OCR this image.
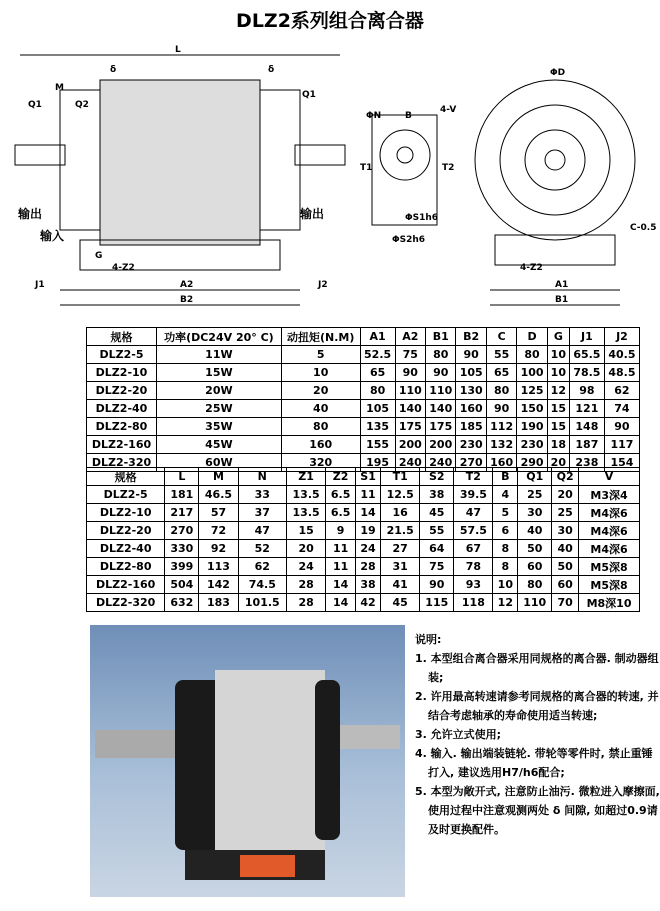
DLZ2系列组合离合器
L
δ	δ
M
Q1	Q2
Q1
输出	输出
输入
G
4-Z2
J1	A2
B2
J2
ΦN	B
4-V
T1	T2
ΦS1h6
ΦS2h6
ΦD
C-0.5
4-Z2
A1
B1
规格	功率(DC24V 20° C)	动扭矩(N.M)	A1	A2	B1	B2	C	D	G	J1	J2
DLZ2-5	11W	5	52.5	75	80	90	55	80	10	65.5	40.5
DLZ2-10	15W	10	65	90	90	105	65	100	10	78.5	48.5
DLZ2-20	20W	20	80	110	110	130	80	125	12	98	62
DLZ2-40	25W	40	105	140	140	160	90	150	15	121	74
DLZ2-80	35W	80	135	175	175	185	112	190	15	148	90
DLZ2-160	45W	160	155	200	200	230	132	230	18	187	117
DLZ2-320	60W	320	195	240	240	270	160	290	20	238	154
规格	L	M	N	Z1	Z2	S1	T1	S2	T2	B	Q1	Q2	V
DLZ2-5	181	46.5	33	13.5	6.5	11	12.5	38	39.5	4	25	20	M3深4
DLZ2-10	217	57	37	13.5	6.5	14	16	45	47	5	30	25	M4深6
DLZ2-20	270	72	47	15	9	19	21.5	55	57.5	6	40	30	M4深6
DLZ2-40	330	92	52	20	11	24	27	64	67	8	50	40	M4深6
DLZ2-80	399	113	62	24	11	28	31	75	78	8	60	50	M5深8
DLZ2-160	504	142	74.5	28	14	38	41	90	93	10	80	60	M5深8
DLZ2-320	632	183	101.5	28	14	42	45	115	118	12	110	70	M8深10

说明:

1. 本型组合离合器采用同规格的离合器. 制动器组装;
2. 许用最高转速请参考同规格的离合器的转速, 并结合考虑轴承的寿命使用适当转速;
3. 允许立式使用;
4. 输入. 输出端装链轮. 带轮等零件时, 禁止重锤打入, 建议选用H7/h6配合;
5. 本型为敞开式, 注意防止油污. 微粒进入摩擦面, 使用过程中注意观测两处 δ 间隙, 如超过0.9请及时更换配件。
